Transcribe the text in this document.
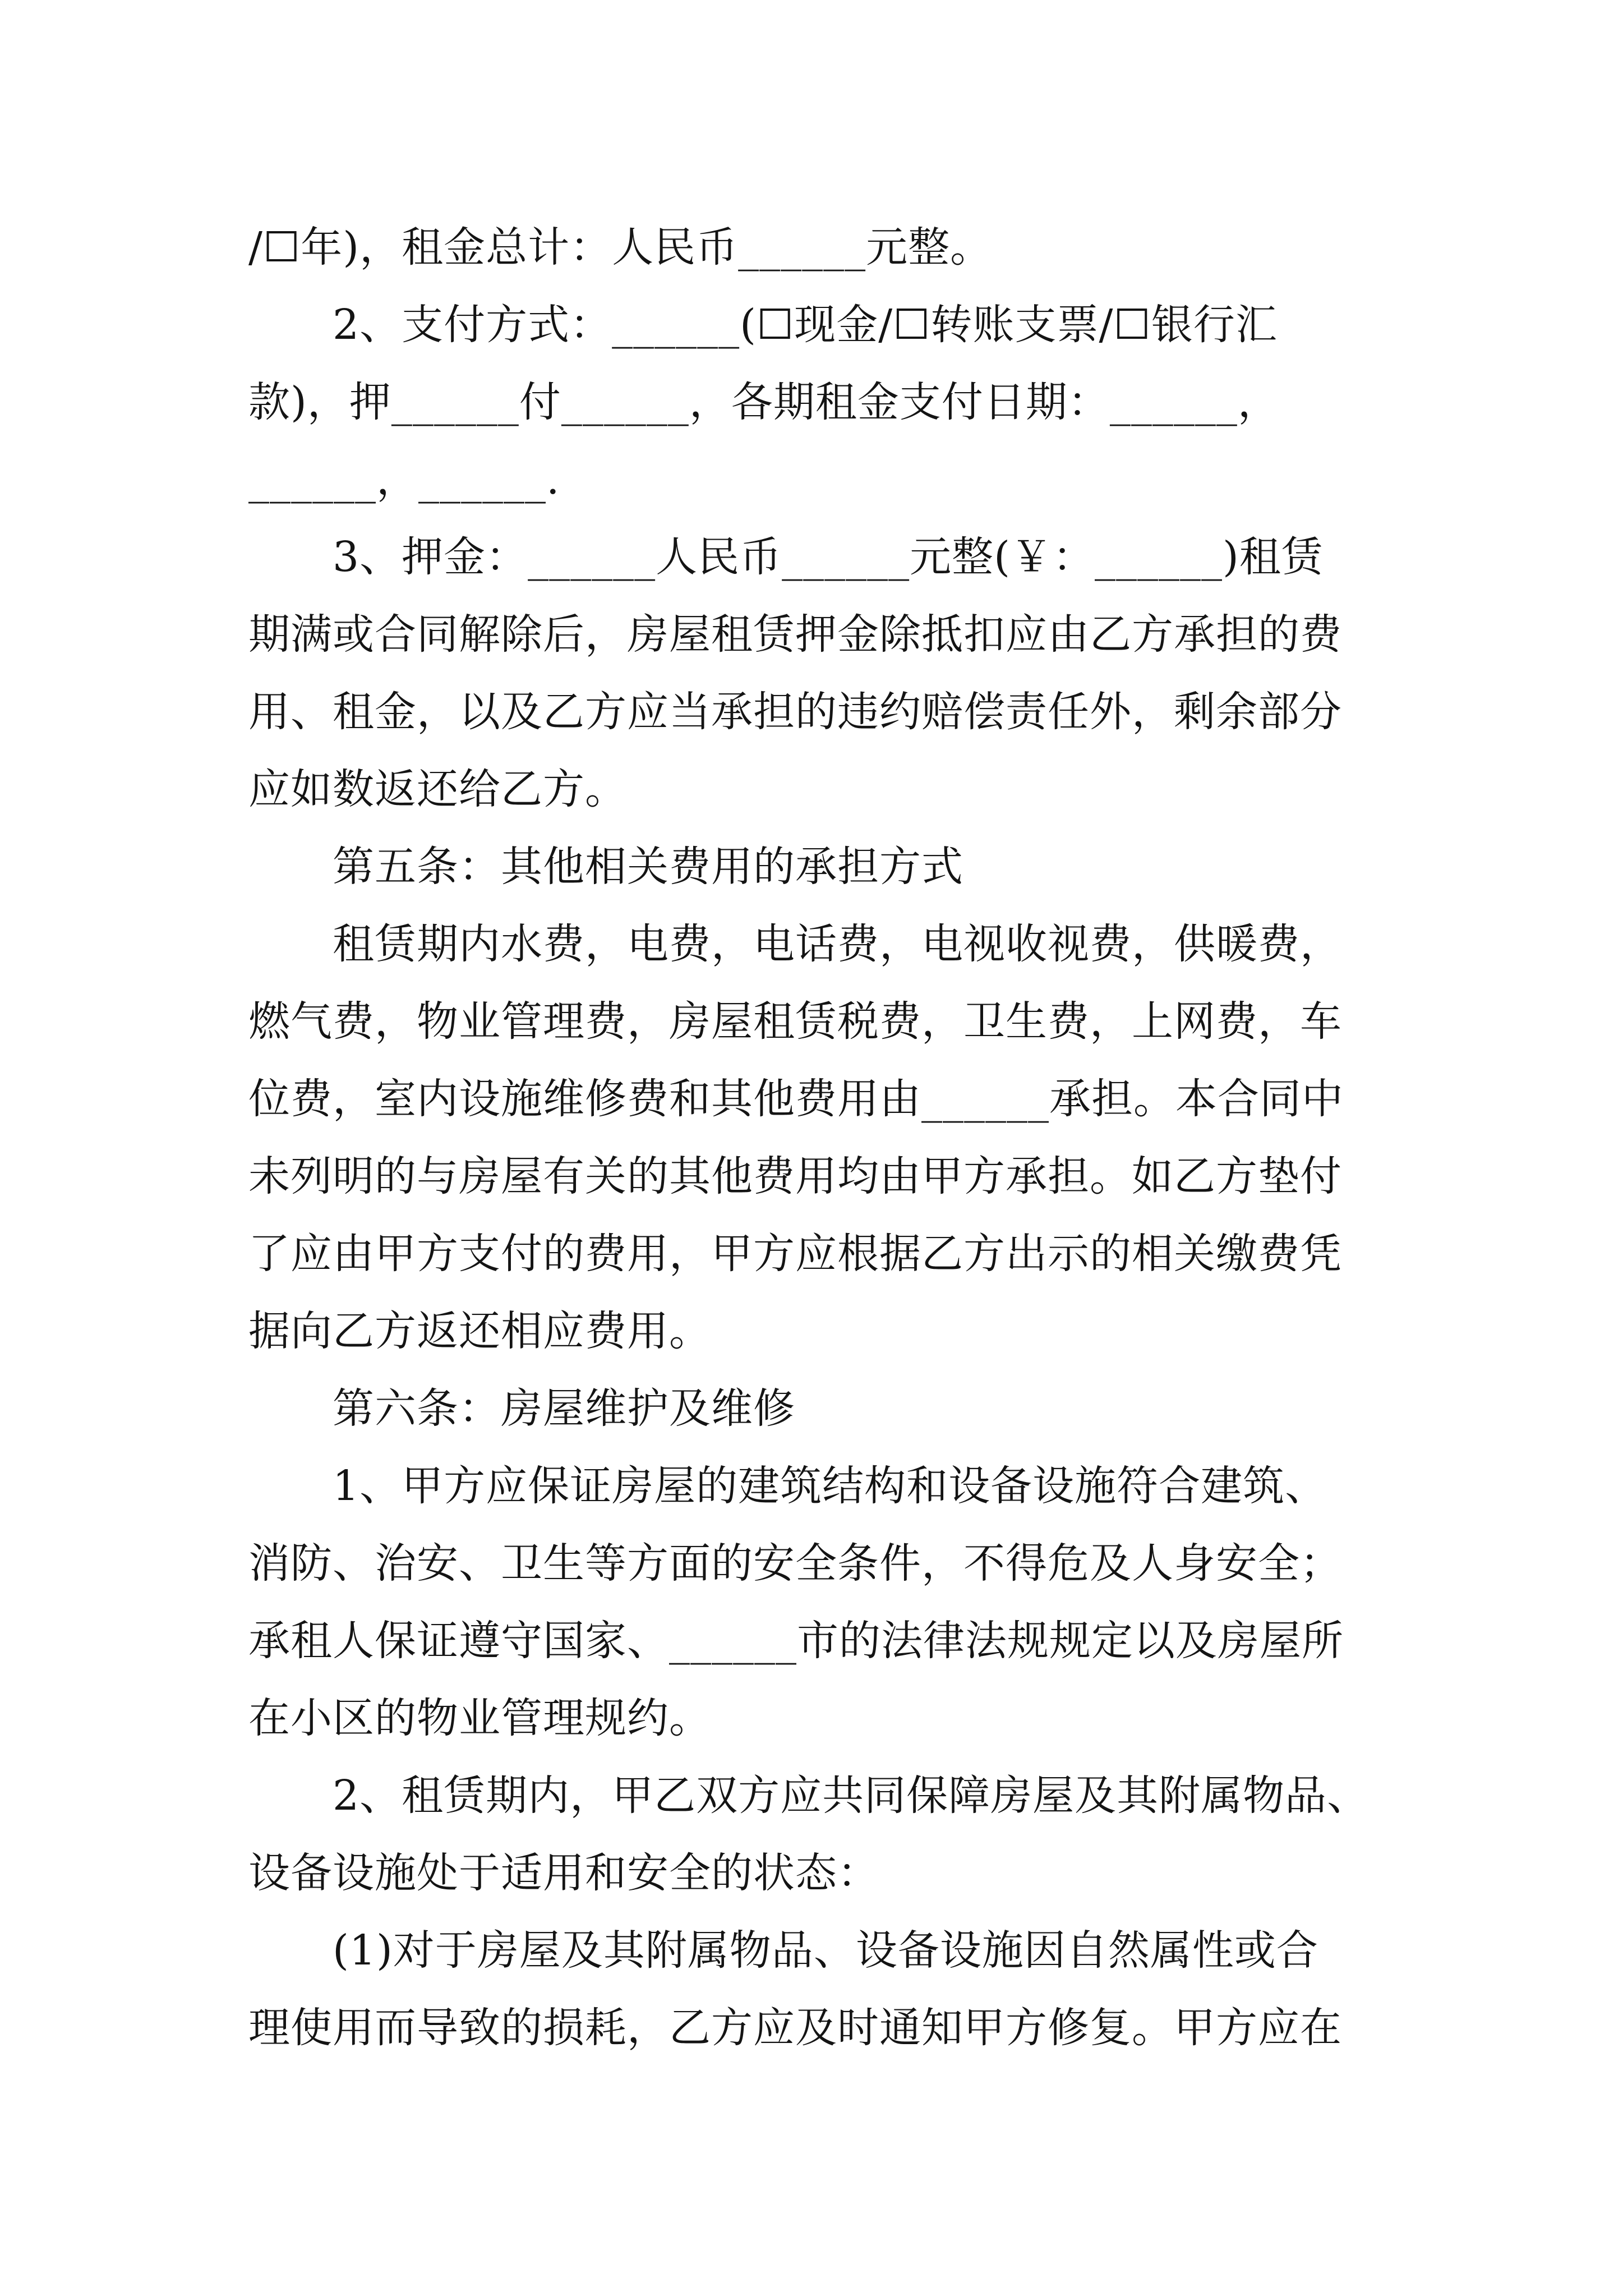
/☐年)，租金总计：人民币______元整。
2、支付方式：______(☐现金/☐转账支票/☐银行汇
款)，押______付______，各期租金支付日期：______，
______，______.
3、押金：______人民币______元整(￥：______)租赁
期满或合同解除后，房屋租赁押金除抵扣应由乙方承担的费
用、租金，以及乙方应当承担的违约赔偿责任外，剩余部分
应如数返还给乙方。
第五条：其他相关费用的承担方式
租赁期内水费，电费，电话费，电视收视费，供暖费，
燃气费，物业管理费，房屋租赁税费，卫生费，上网费，车
位费，室内设施维修费和其他费用由______承担。本合同中
未列明的与房屋有关的其他费用均由甲方承担。如乙方垫付
了应由甲方支付的费用，甲方应根据乙方出示的相关缴费凭
据向乙方返还相应费用。
第六条：房屋维护及维修
1、甲方应保证房屋的建筑结构和设备设施符合建筑、
消防、治安、卫生等方面的安全条件，不得危及人身安全；
承租人保证遵守国家、______市的法律法规规定以及房屋所
在小区的物业管理规约。
2、租赁期内，甲乙双方应共同保障房屋及其附属物品、
设备设施处于适用和安全的状态：
(1)对于房屋及其附属物品、设备设施因自然属性或合
理使用而导致的损耗，乙方应及时通知甲方修复。甲方应在
